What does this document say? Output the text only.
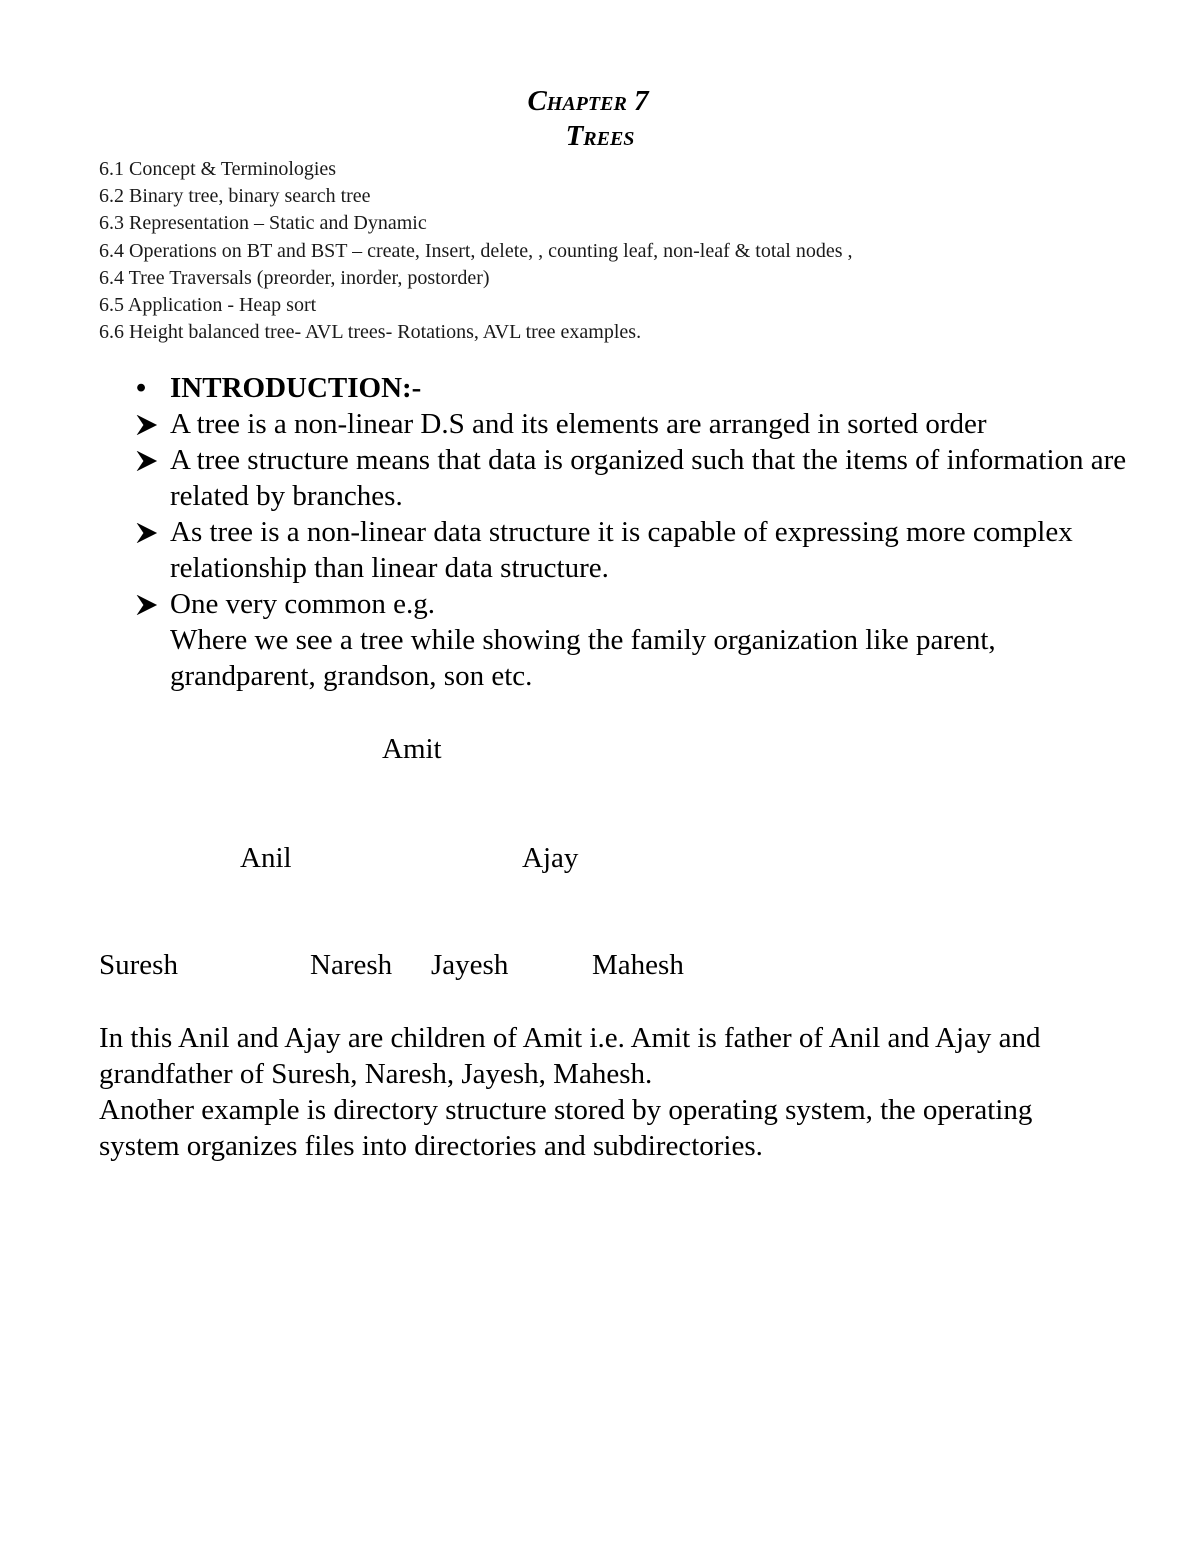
Chapter 7
Trees
6.1 Concept & Terminologies
6.2 Binary tree, binary search tree
6.3 Representation – Static and Dynamic
6.4 Operations on BT and BST – create, Insert, delete, , counting leaf, non-leaf & total nodes ,
6.4 Tree Traversals (preorder, inorder, postorder)
6.5 Application - Heap sort
6.6 Height balanced tree- AVL trees- Rotations, AVL tree examples.
• INTRODUCTION:-

A tree is a non-linear D.S and its elements are arranged in sorted order

A tree structure means that data is organized such that the items of information are related by branches.

As tree is a non-linear data structure it is capable of expressing more complex relationship than linear data structure.

One very common e.g.

Where we see a tree while showing the family organization like parent, grandparent, grandson, son etc.

Amit
Anil	Ajay
Suresh	Naresh Jayesh	Mahesh

In this Anil and Ajay are children of Amit i.e. Amit is father of Anil and Ajay and grandfather of Suresh, Naresh, Jayesh, Mahesh.

Another example is directory structure stored by operating system, the operating system organizes files into directories and subdirectories.
